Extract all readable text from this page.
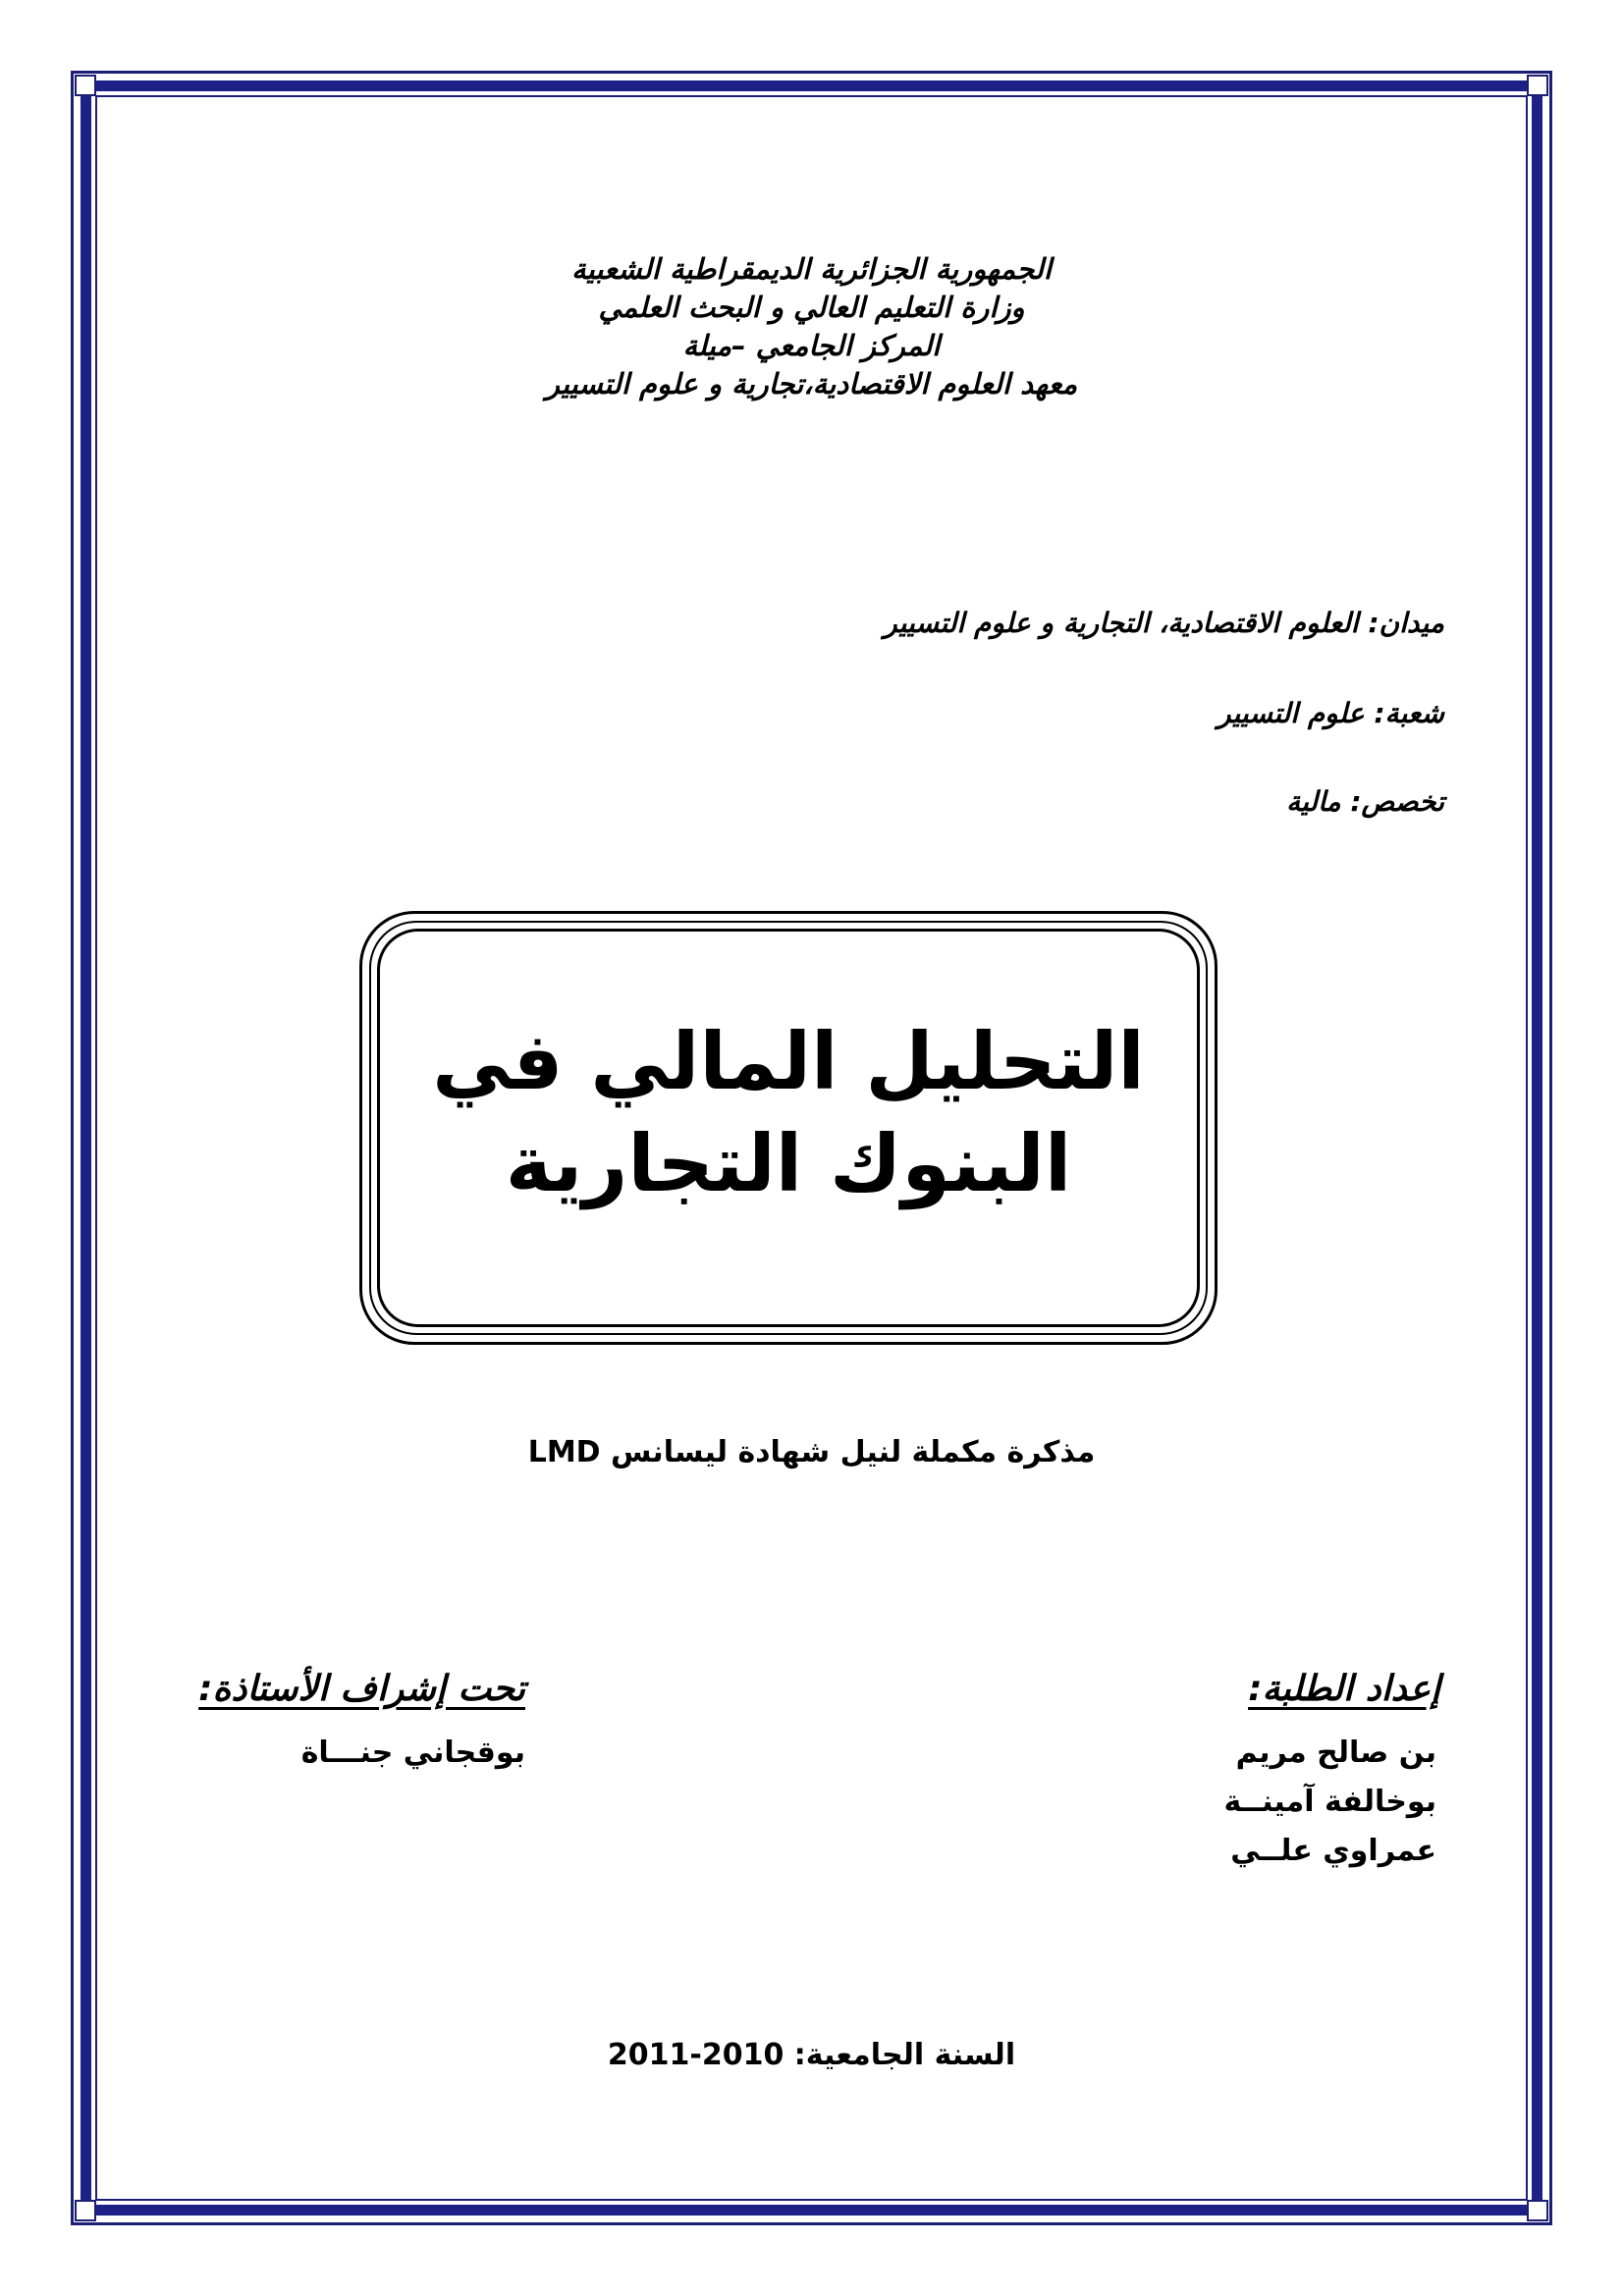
الجمهورية الجزائرية الديمقراطية الشعبية
وزارة التعليم العالي و البحث العلمي
المركز الجامعي –ميلة
معهد العلوم الاقتصادية،تجارية و علوم التسيير
ميدان: العلوم الاقتصادية، التجارية و علوم التسيير
شعبة: علوم التسيير
تخصص: مالية
التحليل المالي في
البنوك التجارية
مذكرة مكملة لنيل شهادة ليسانس LMD
إعداد الطلبة:
بن صالح مريم
بوخالفة آمينــة
عمراوي علــي
تحت إشراف الأستاذة:
بوقجاني جنـــاة
السنة الجامعية: 2010-2011
